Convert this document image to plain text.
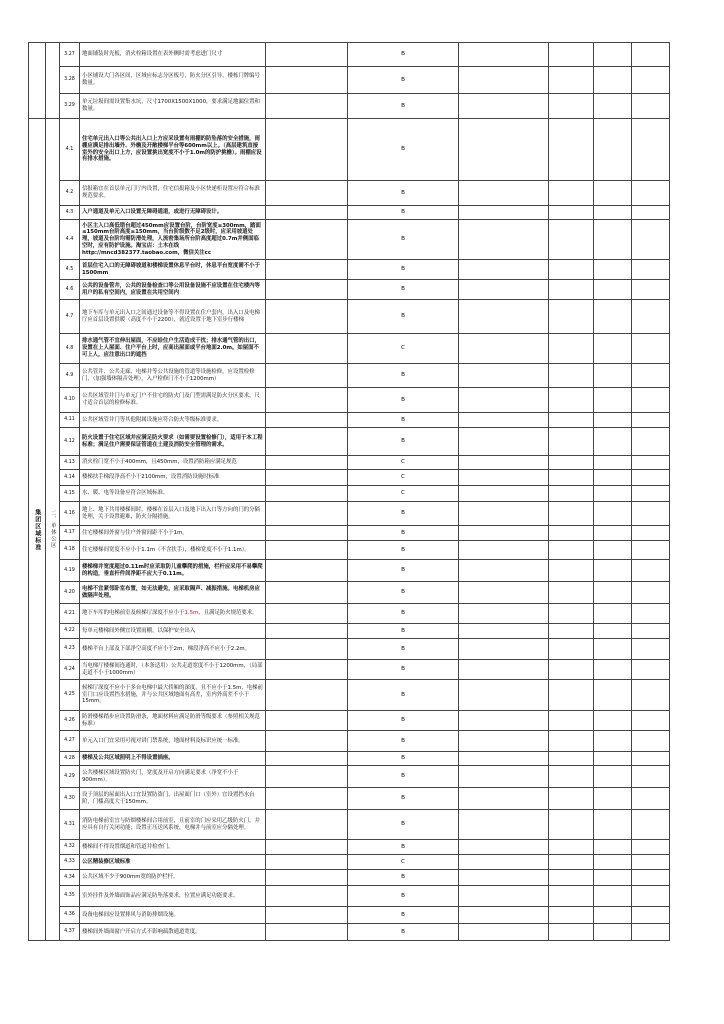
		3.27	地面铺装时光板，消火栓箱设置在表外侧时需考虑进门尺寸		B				
		3.28	小区铺设大门各区间，区域应标志分区板号，防火分区引导，楼栋门牌编号数量。		B				
		3.29	单元垃圾间需设置集水坑，尺寸1700X1500X1000，要求满足地漏位置和数量。		B				

集团区域标准	二、单体公区	4.1	住宅单元出入口等公共出入口上方应采设置有雨棚的防坠落的安全措施，雨棚应满足排出墙外、外檐及开敞楼梯平台等600mm以上。（高层建筑直接室外的安全出口上方，应设置挑出宽度不小于1.0m的防护挑檐）。雨棚应设有排水措施。		B				
		4.2	信报箱宜在首层单元门厅内设置，住宅信报箱及小区快递柜设置应符合标准规范要求。		B				
		4.3	入户通道及单元入口设置无障碍通道，或进行无障碍设计。		B				
		4.4	小区主入口高低错台超过450mm应设置台阶，台阶宽度≥300mm，踏面≤150mm台阶高度≥150mm，当台阶级数不足2级时，应采用坡道处理，坡道及台阶均需防滑处理，人流密集场所台阶高度超过0.7m并侧面临空时，应有防护设施。淘宝店：土木在线 http://mncd382377.taobao.com，微信关注cc		B				
		4.5	首层住宅入口的无障碍坡道和楼梯设置休息平台时，休息平台宽度需不小于1500mm		B				
		4.6	公共的设备管井，公共的设备检查口等公用设备设施不应设置在住宅楼内等用户的私有空间内，应设置在共用空间内		B				
		4.7	地下车库与单元出入口之间通过设备等不得设置在住户套内，出入口及电梯厅应首层设置供暖（高度不小于2200），就近设置于地下室步行楼梯		B				
		4.8	排水通气管不宜伸出屋面，不应给住户生活造成干扰；排水通气管的出口，设置在上人屋面、住户平台上时，应高出屋面或平台地面2.0m。如屋面不可上人，应注意出口的遮挡		C				
		4.9	公共管井、公共走廊、电梯井等公共设施的管道等设施检修，应设置检修门，（加强墙体隔音处理），入户检修门不小于1200mm）		B				
		4.10	公共区域管井门与单元门户不住宅的防火门及门型需满足防火分区要求，尺寸适合首层的检修标准。		B				
		4.11	公共区域管井门等其他附属设施应符合防火等级标准要求。		B				
		4.12	防火设置于住宅区域并应满足防火要求（如需要设置检修门），适用于本工程标准；满足住户需要保证管道在土建及消防安全管理的需求。		B				
		4.13	消火栓门宽不小于400mm，且450mm，设置消防箱应满足规范		C				
		4.14	楼梯扶手梯段净高不小于2100mm，设置消防设施时标准		C				
		4.15	水、暖、电等设备应符合区域标准。		C				
		4.16	地上、地下共用楼梯间时，楼梯在首层入口及地下出入口等方向的门的分隔处理，关于设置避难、防火分隔措施。		B				
		4.17	住宅楼梯间外窗与住户外窗间距不小于1m。		B				
		4.18	住宅楼梯间宽度不应小于1.1m（不含扶手），楼梯宽度不小于1.1m）。		B				
		4.19	楼梯梯井宽度超过0.11m时应采取防儿童攀爬的措施，栏杆应采用不易攀爬的构造，垂直杆件间净距不应大于0.11m。		B				
		4.20	电梯不宜紧邻卧室布置，如无法避免，应采取隔声、减振措施。电梯机房应做隔声处理。		B				
		4.21	地下车库的电梯前室及候梯厅深度不应小于1.5m，且满足防火规范要求。		B				
		4.22	每单元楼梯间外侧宜设置雨棚，以保护安全出入		B				
		4.23	楼梯平台上部及下部净空高度不应小于2m，梯段净高不应小于2.2m。		B				
		4.24	当电梯厅楼梯间连通时，（本条适用）公共走道宽度不小于1200mm，（局部走道不小于1000mm）		B				
		4.25	候梯厅深度不应小于多台电梯中最大轿厢的深度，且不应小于1.5m，电梯前室门口应设置挡水措施，并与公共区域地面有高差，室内外高差不小于15mm。		B				
		4.26	防滑楼梯踏步应设置防滑条，地面材料应满足防滑等级要求（参照相关规范标准）		B				
		4.27	单元入口门宜采用可视对讲门禁系统，地面材料及标识应统一标准。		B				
		4.28	楼梯及公共区域照明上不得设置插座。		B				
		4.29	公共楼梯区域设置防火门，宽度及开启方向满足要求（净宽不小于900mm）。		B				
		4.30	设于顶层的屋面出入口宜设置防盗门，出屋面门口（室外）宜设置挡水台阶，门槛高度大于150mm。		B				
		4.31	消防电梯前室宜与防烟楼梯间合用前室，且前室的门应采用乙级防火门，并应具有自行关闭功能；设置正压送风系统，电梯井与前室应分隔处理。		B				
		4.32	楼梯间不得设置烟道和管道井检查门。		B				
		4.33	公区精装修区域标准		C				
		4.34	公共区域不少于900mm宽的防护栏杆。		B				
		4.35	室外挂件及外墙面饰品应满足防坠落要求，位置应满足功能要求。		B				
		4.36	设备电梯间应设置排风与消防排烟设施。		B				
		4.37	楼梯间外墙面窗户开启方式不影响疏散通道宽度。		B				
